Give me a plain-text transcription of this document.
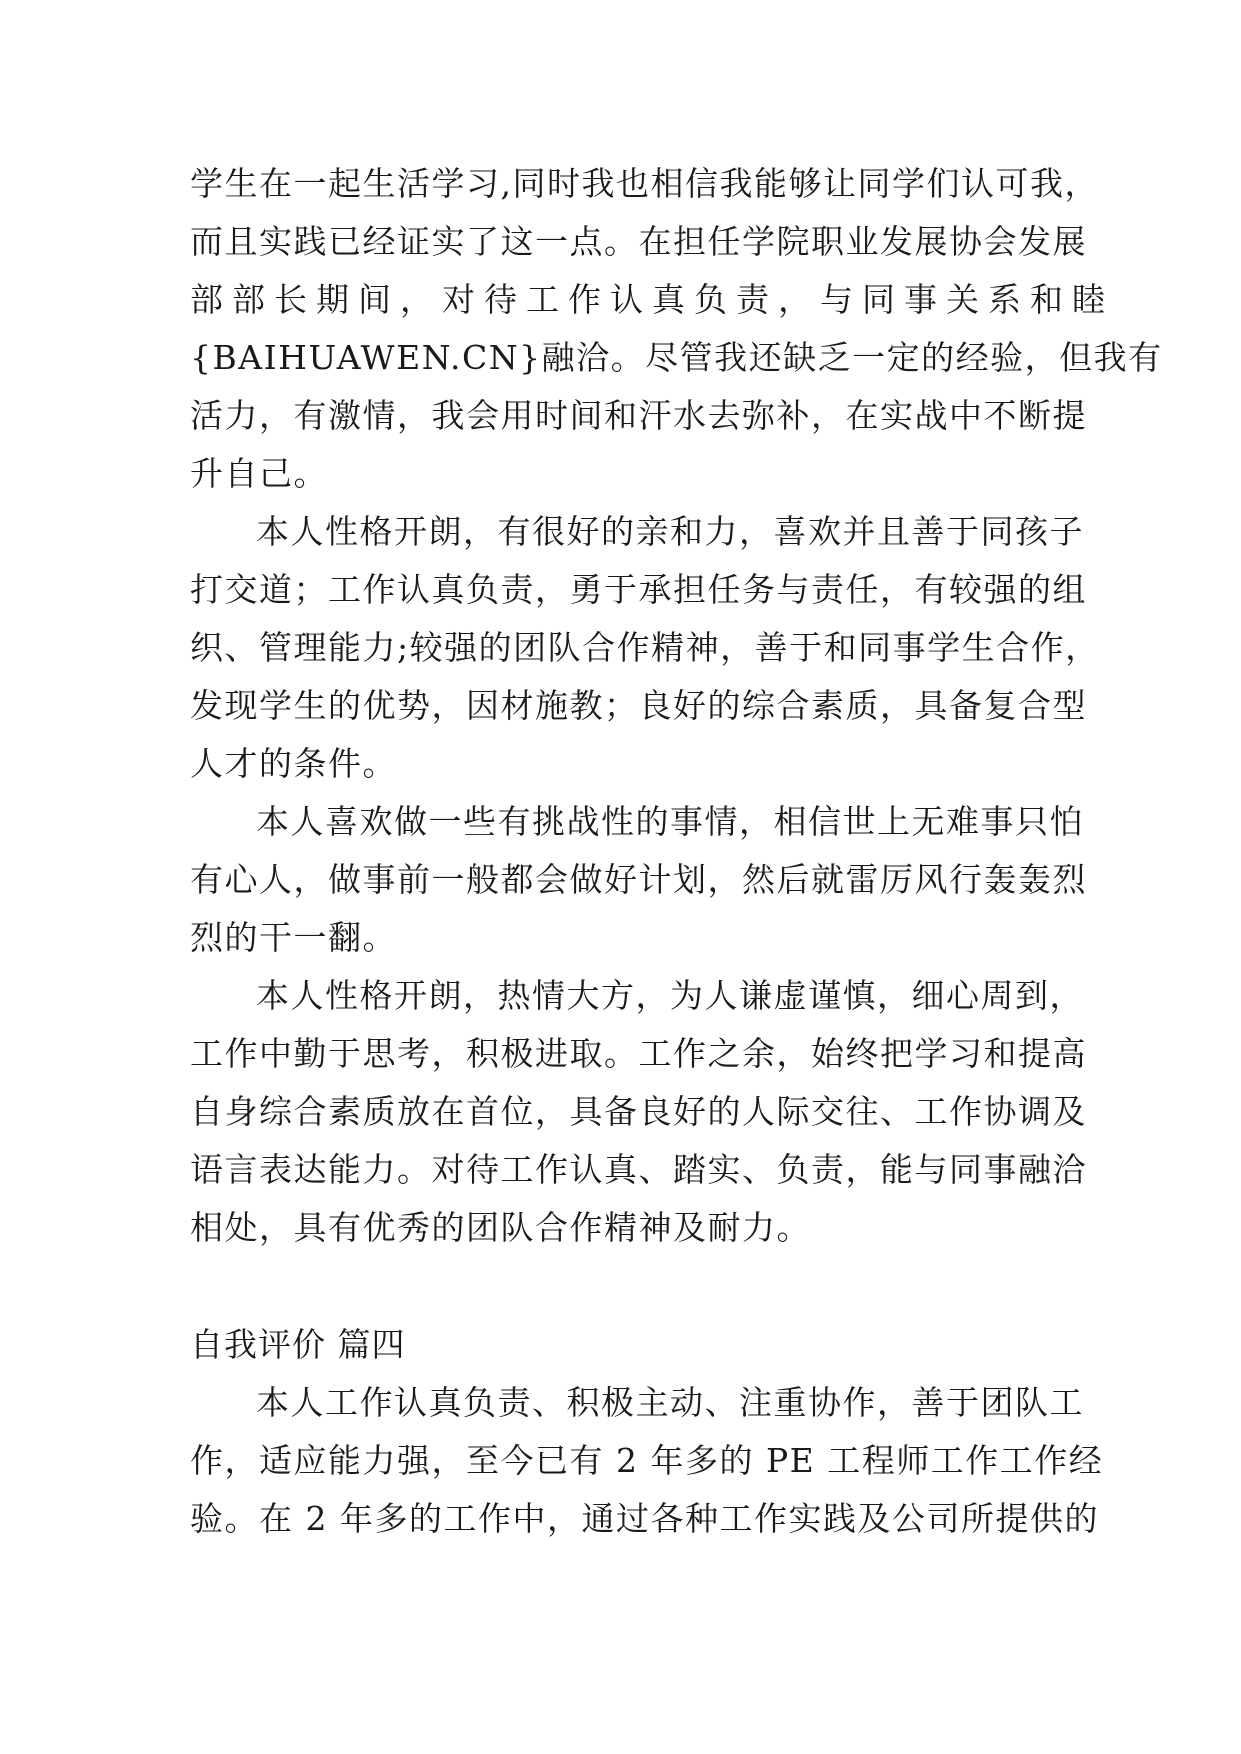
学生在一起生活学习,同时我也相信我能够让同学们认可我，
而且实践已经证实了这一点。在担任学院职业发展协会发展
部部长期间，对待工作认真负责，与同事关系和睦
{BAIHUAWEN.CN}融洽。尽管我还缺乏一定的经验，但我有
活力，有激情，我会用时间和汗水去弥补，在实战中不断提
升自己。
本人性格开朗，有很好的亲和力，喜欢并且善于同孩子
打交道；工作认真负责，勇于承担任务与责任，有较强的组
织、管理能力;较强的团队合作精神，善于和同事学生合作，
发现学生的优势，因材施教；良好的综合素质，具备复合型
人才的条件。
本人喜欢做一些有挑战性的事情，相信世上无难事只怕
有心人，做事前一般都会做好计划，然后就雷厉风行轰轰烈
烈的干一翻。
本人性格开朗，热情大方，为人谦虚谨慎，细心周到，
工作中勤于思考，积极进取。工作之余，始终把学习和提高
自身综合素质放在首位，具备良好的人际交往、工作协调及
语言表达能力。对待工作认真、踏实、负责，能与同事融洽
相处，具有优秀的团队合作精神及耐力。
自我评价 篇四
本人工作认真负责、积极主动、注重协作，善于团队工
作，适应能力强，至今已有 2 年多的 PE 工程师工作工作经
验。在 2 年多的工作中，通过各种工作实践及公司所提供的
